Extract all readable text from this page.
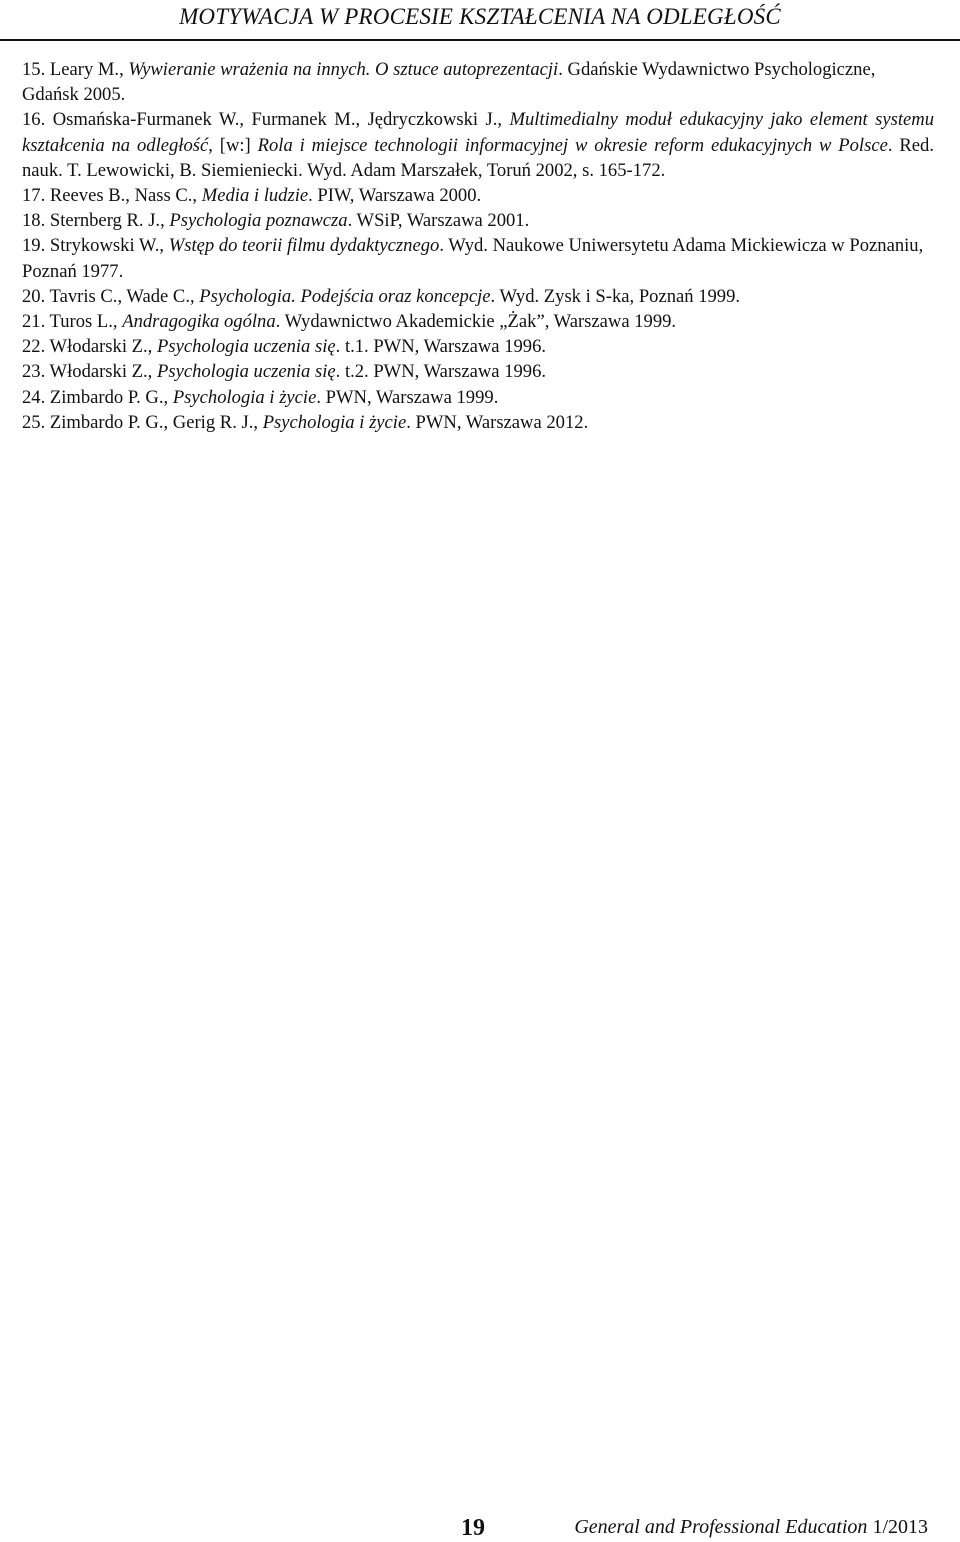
MOTYWACJA W PROCESIE KSZTAŁCENIA NA ODLEGŁOŚĆ

15. Leary M., Wywieranie wrażenia na innych. O sztuce autoprezentacji. Gdańskie Wydawnictwo Psychologiczne, Gdańsk 2005.

16. Osmańska-Furmanek W., Furmanek M., Jędryczkowski J., Multimedialny moduł edukacyjny jako element systemu kształcenia na odległość, [w:] Rola i miejsce technologii informacyjnej w okresie reform edukacyjnych w Polsce. Red. nauk. T. Lewowicki, B. Siemieniecki. Wyd. Adam Marszałek, Toruń 2002, s. 165-172.

17. Reeves B., Nass C., Media i ludzie. PIW, Warszawa 2000.

18. Sternberg R. J., Psychologia poznawcza. WSiP, Warszawa 2001.

19. Strykowski W., Wstęp do teorii filmu dydaktycznego. Wyd. Naukowe Uniwersytetu Adama Mickiewicza w Poznaniu, Poznań 1977.

20. Tavris C., Wade C., Psychologia. Podejścia oraz koncepcje. Wyd. Zysk i S-ka, Poznań 1999.

21. Turos L., Andragogika ogólna. Wydawnictwo Akademickie „Żak”, Warszawa 1999.

22. Włodarski Z., Psychologia uczenia się. t.1. PWN, Warszawa 1996.

23. Włodarski Z., Psychologia uczenia się. t.2. PWN, Warszawa 1996.

24. Zimbardo P. G., Psychologia i życie. PWN, Warszawa 1999.

25. Zimbardo P. G., Gerig R. J., Psychologia i życie. PWN, Warszawa 2012.

19	General and Professional Education 1/2013
